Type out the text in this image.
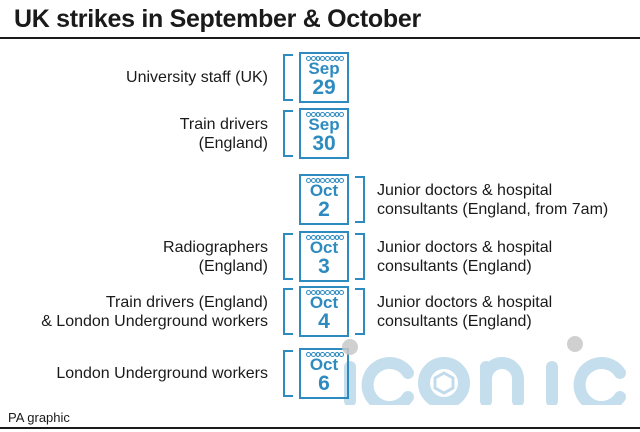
UK strikes in September & October
Sep
29
University staff (UK)
Sep
30
Train drivers
(England)
Oct
2
Junior doctors & hospital
consultants (England, from 7am)
Oct
3
Radiographers
(England)
Junior doctors & hospital
consultants (England)
Oct
4
Train drivers (England)
& London Underground workers
Junior doctors & hospital
consultants (England)
Oct
6
London Underground workers
PA graphic
